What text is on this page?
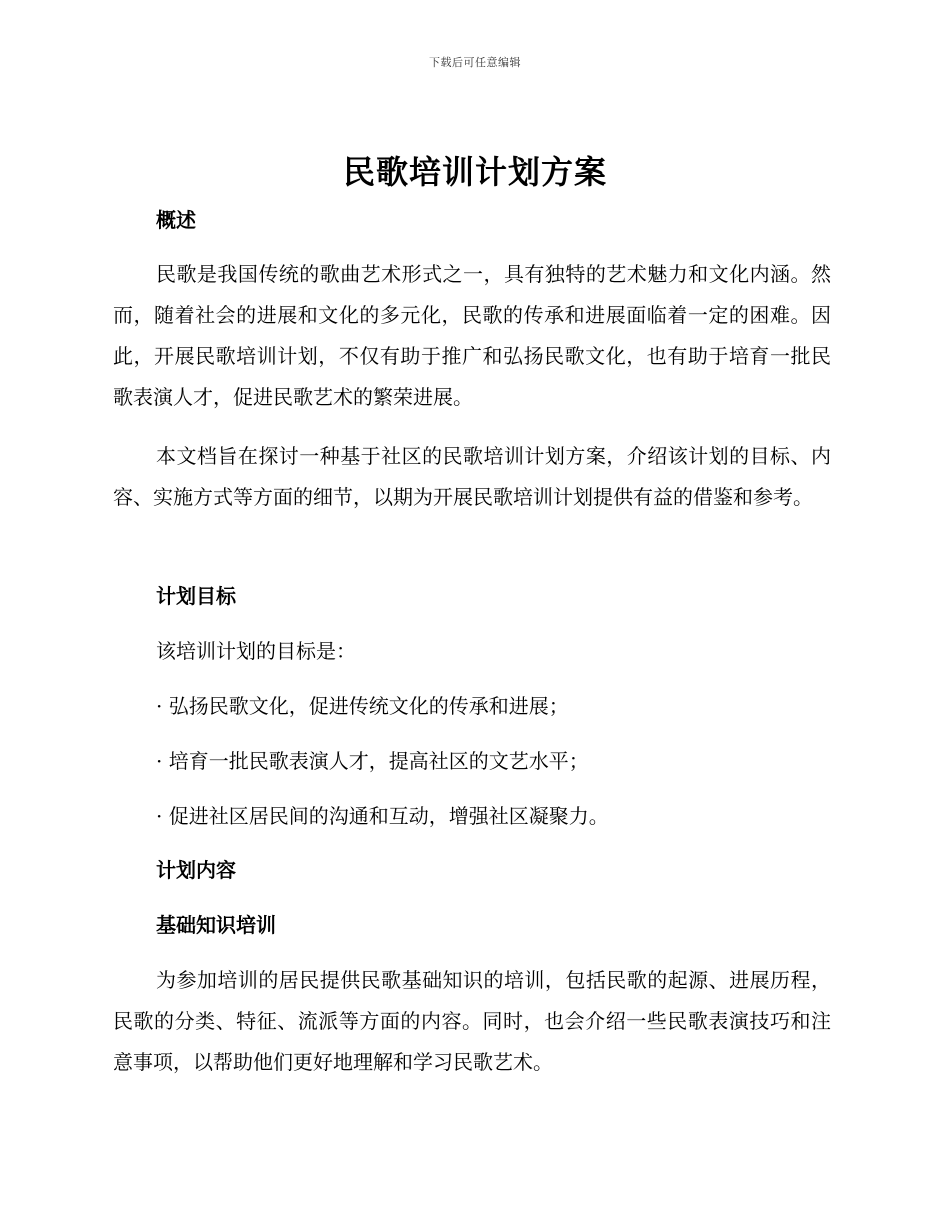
下载后可任意编辑
民歌培训计划方案
概述

民歌是我国传统的歌曲艺术形式之一，具有独特的艺术魅力和文化内涵。然而，随着社会的进展和文化的多元化，民歌的传承和进展面临着一定的困难。因此，开展民歌培训计划，不仅有助于推广和弘扬民歌文化，也有助于培育一批民歌表演人才，促进民歌艺术的繁荣进展。

本文档旨在探讨一种基于社区的民歌培训计划方案，介绍该计划的目标、内容、实施方式等方面的细节，以期为开展民歌培训计划提供有益的借鉴和参考。

计划目标
该培训计划的目标是：
· 弘扬民歌文化，促进传统文化的传承和进展；
· 培育一批民歌表演人才，提高社区的文艺水平；
· 促进社区居民间的沟通和互动，增强社区凝聚力。
计划内容
基础知识培训

为参加培训的居民提供民歌基础知识的培训，包括民歌的起源、进展历程，民歌的分类、特征、流派等方面的内容。同时，也会介绍一些民歌表演技巧和注意事项，以帮助他们更好地理解和学习民歌艺术。
